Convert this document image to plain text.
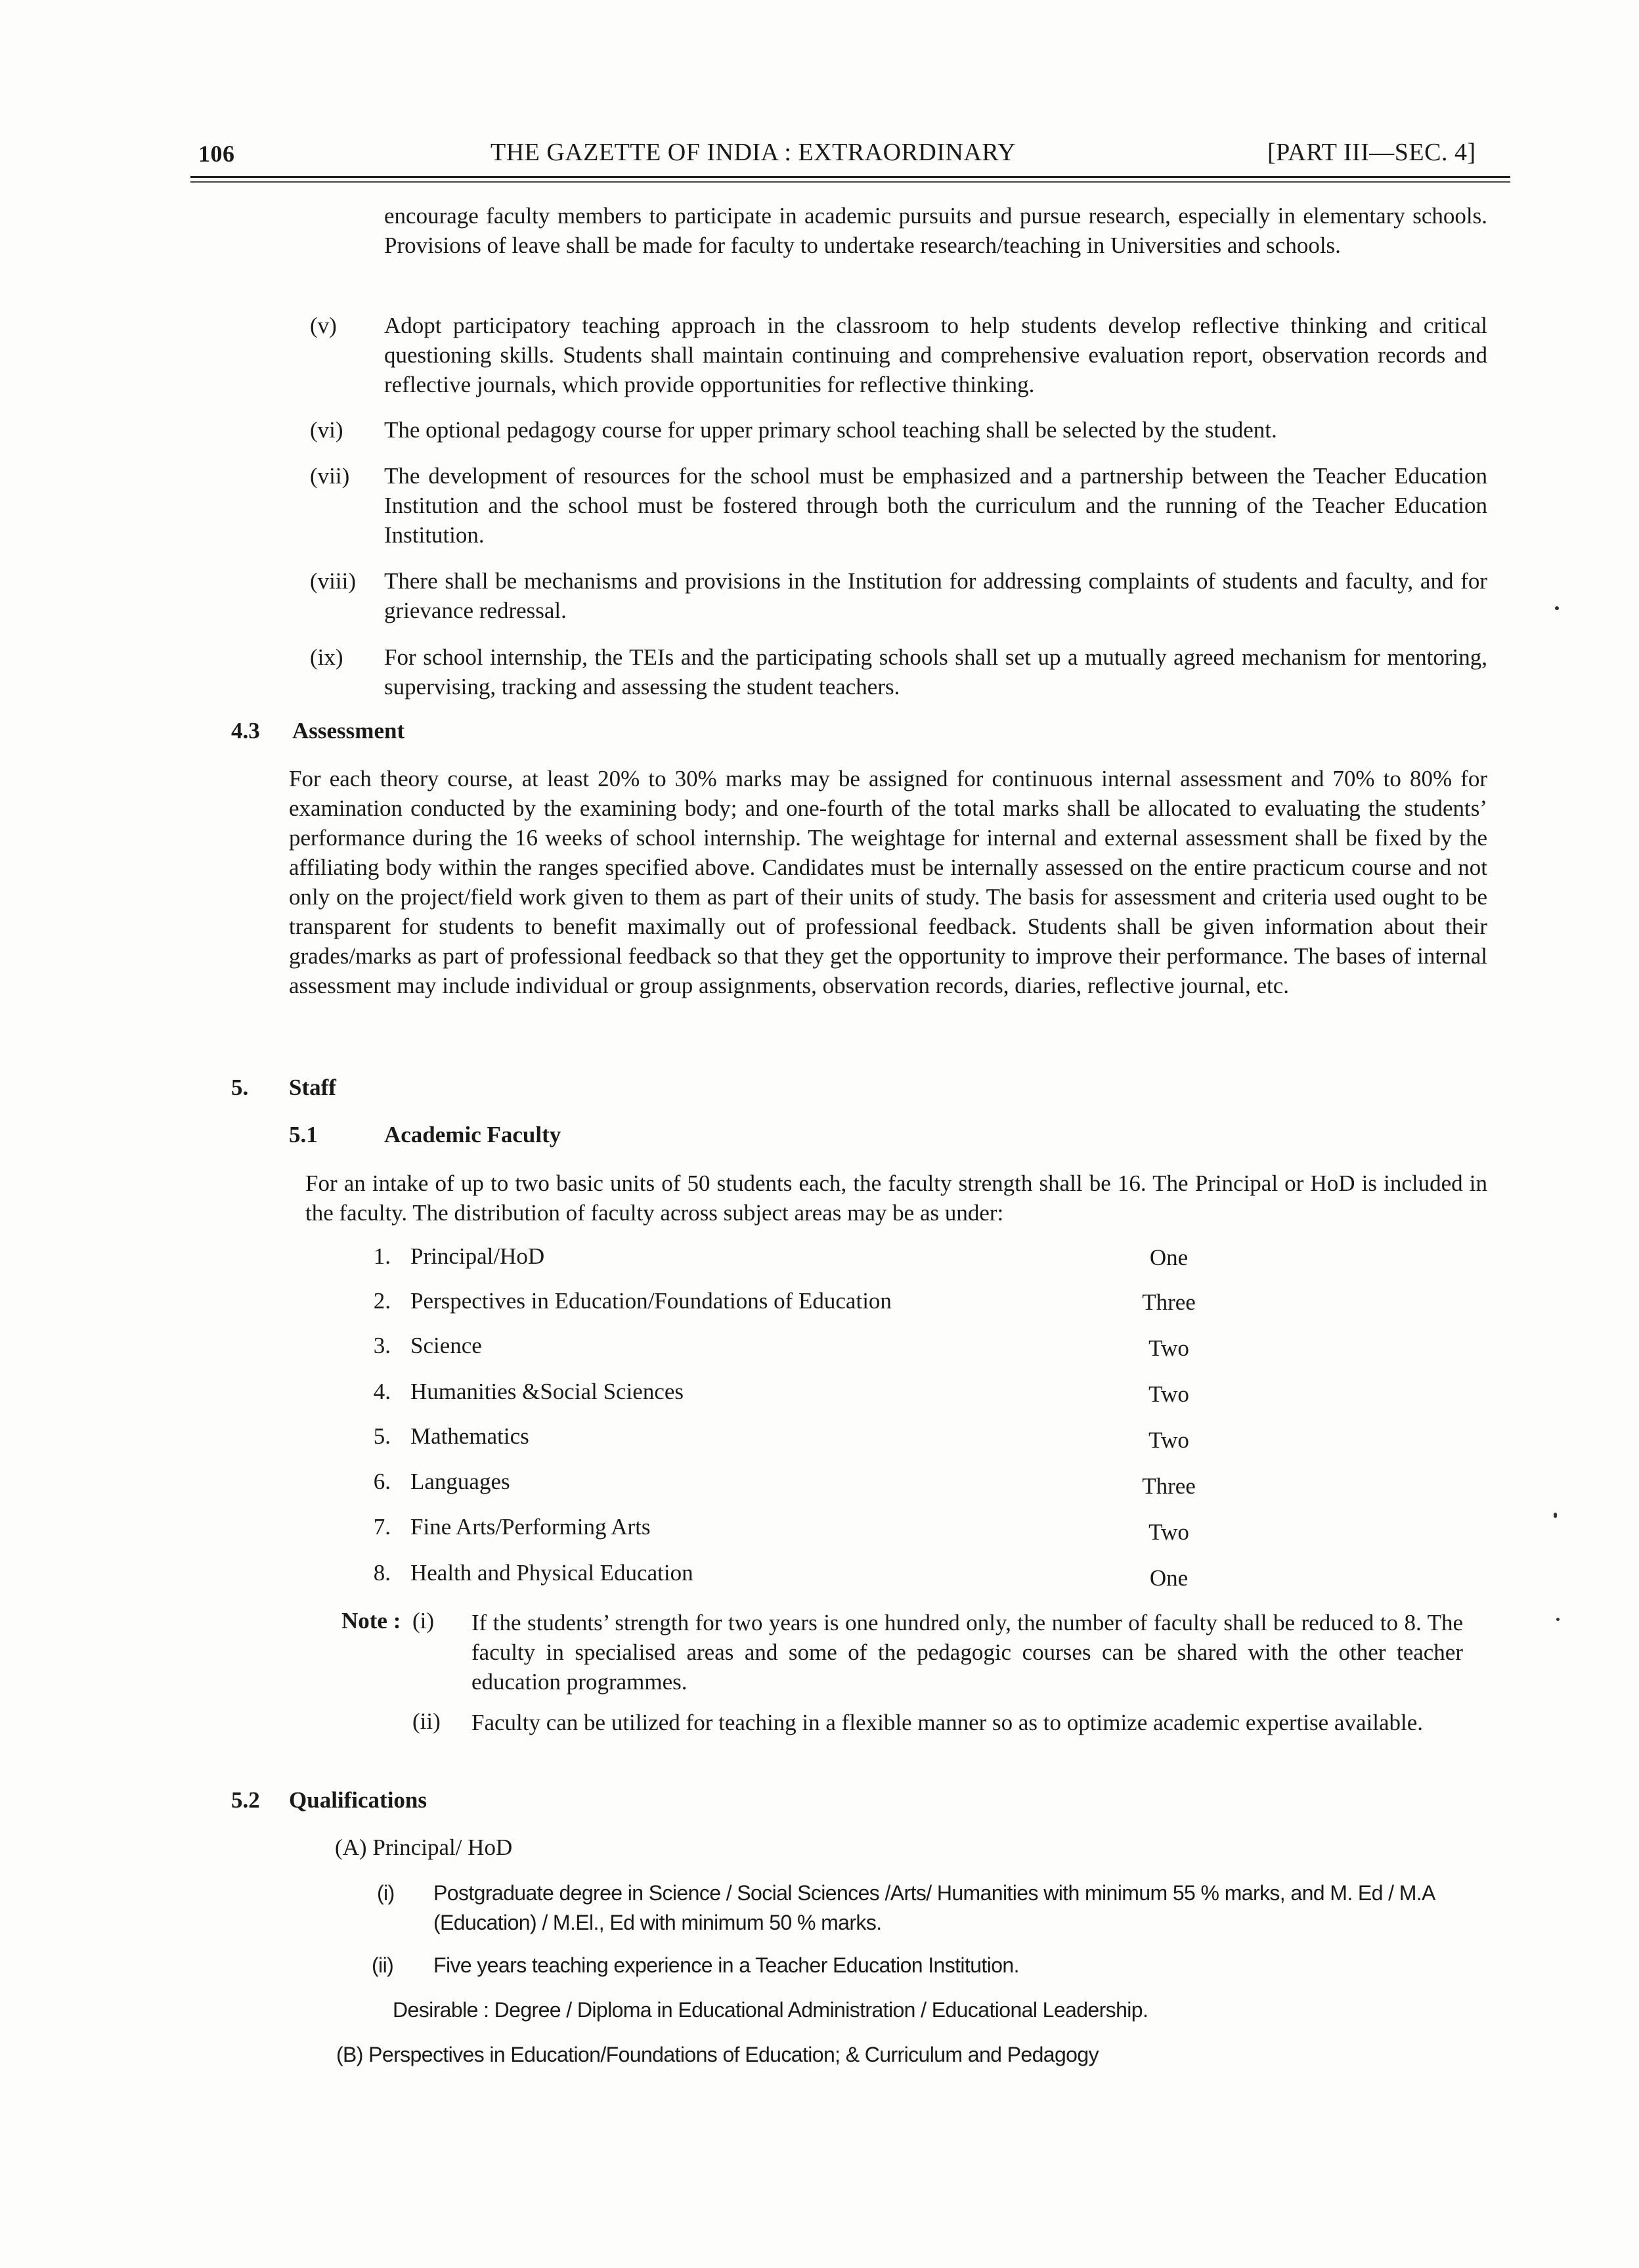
106	THE GAZETTE OF INDIA : EXTRAORDINARY	[PART III—SEC. 4]
encourage faculty members to participate in academic pursuits and pursue research, especially in elementary schools. Provisions of leave shall be made for faculty to undertake research/teaching in Universities and schools.
(v) Adopt participatory teaching approach in the classroom to help students develop reflective thinking and critical questioning skills. Students shall maintain continuing and comprehensive evaluation report, observation records and reflective journals, which provide opportunities for reflective thinking.
(vi) The optional pedagogy course for upper primary school teaching shall be selected by the student.
(vii) The development of resources for the school must be emphasized and a partnership between the Teacher Education Institution and the school must be fostered through both the curriculum and the running of the Teacher Education Institution.
(viii) There shall be mechanisms and provisions in the Institution for addressing complaints of students and faculty, and for grievance redressal.
(ix) For school internship, the TEIs and the participating schools shall set up a mutually agreed mechanism for mentoring, supervising, tracking and assessing the student teachers.
4.3 Assessment
For each theory course, at least 20% to 30% marks may be assigned for continuous internal assessment and 70% to 80% for examination conducted by the examining body; and one-fourth of the total marks shall be allocated to evaluating the students’ performance during the 16 weeks of school internship. The weightage for internal and external assessment shall be fixed by the affiliating body within the ranges specified above. Candidates must be internally assessed on the entire practicum course and not only on the project/field work given to them as part of their units of study. The basis for assessment and criteria used ought to be transparent for students to benefit maximally out of professional feedback. Students shall be given information about their grades/marks as part of professional feedback so that they get the opportunity to improve their performance. The bases of internal assessment may include individual or group assignments, observation records, diaries, reflective journal, etc.
5. Staff
5.1	Academic Faculty
For an intake of up to two basic units of 50 students each, the faculty strength shall be 16. The Principal or HoD is included in the faculty. The distribution of faculty across subject areas may be as under:
1. Principal/HoD	One
2. Perspectives in Education/Foundations of Education	Three
3. Science	Two
4. Humanities &Social Sciences	Two
5. Mathematics	Two
6. Languages	Three
7. Fine Arts/Performing Arts	Two
8. Health and Physical Education	One
Note : (i) If the students’ strength for two years is one hundred only, the number of faculty shall be reduced to 8. The faculty in specialised areas and some of the pedagogic courses can be shared with the other teacher education programmes.
(ii) Faculty can be utilized for teaching in a flexible manner so as to optimize academic expertise available.
5.2 Qualifications
(A) Principal/ HoD
(i) Postgraduate degree in Science / Social Sciences /Arts/ Humanities with minimum 55 % marks, and M. Ed / M.A (Education) / M.El., Ed with minimum 50 % marks.
(ii) Five years teaching experience in a Teacher Education Institution.
Desirable : Degree / Diploma in Educational Administration / Educational Leadership.
(B) Perspectives in Education/Foundations of Education; & Curriculum and Pedagogy
